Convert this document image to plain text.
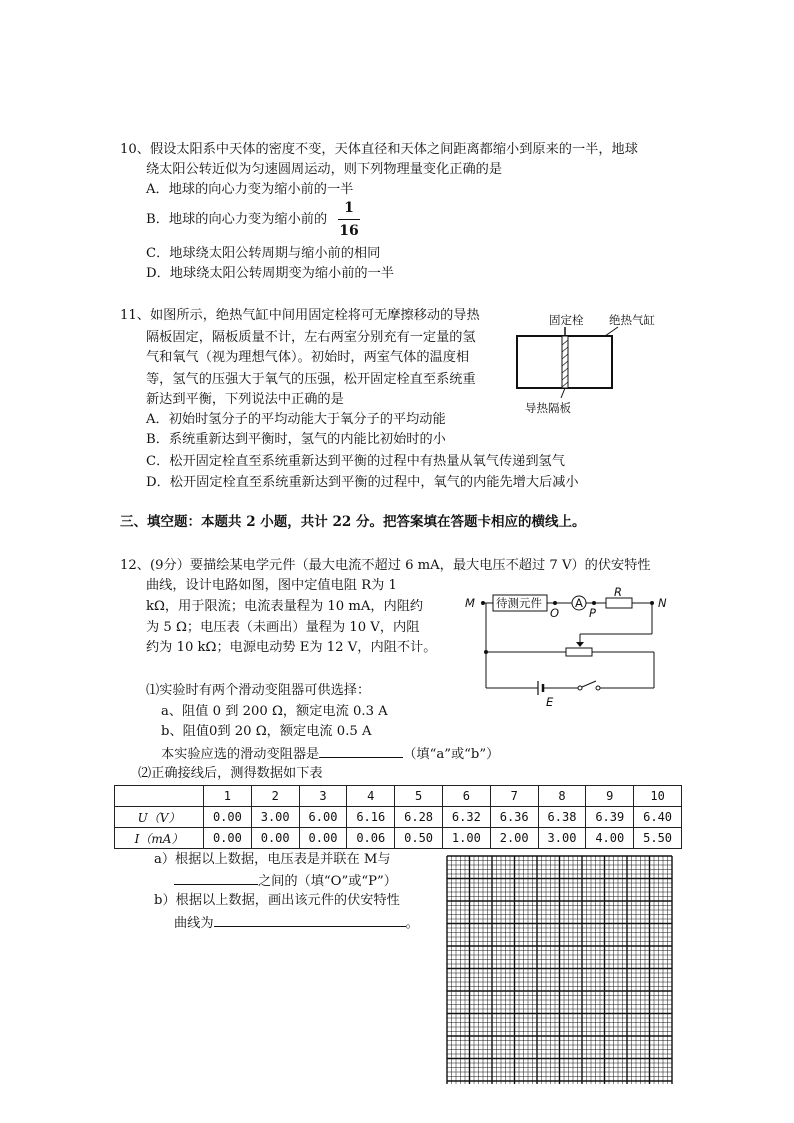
10、假设太阳系中天体的密度不变，天体直径和天体之间距离都缩小到原来的一半，地球
绕太阳公转近似为匀速圆周运动，则下列物理量变化正确的是
A．地球的向心力变为缩小前的一半
B．地球的向心力变为缩小前的
1
16
C．地球绕太阳公转周期与缩小前的相同
D．地球绕太阳公转周期变为缩小前的一半
11、如图所示，绝热气缸中间用固定栓将可无摩擦移动的导热
隔板固定，隔板质量不计，左右两室分别充有一定量的氢
气和氧气（视为理想气体）。初始时，两室气体的温度相
等，氢气的压强大于氧气的压强，松开固定栓直至系统重
新达到平衡，下列说法中正确的是
A．初始时氢分子的平均动能大于氧分子的平均动能
B．系统重新达到平衡时，氢气的内能比初始时的小
C．松开固定栓直至系统重新达到平衡的过程中有热量从氧气传递到氢气
D．松开固定栓直至系统重新达到平衡的过程中，氧气的内能先增大后减小
固定栓 绝热气缸
导热隔板
三、填空题：本题共 2 小题，共计 22 分。把答案填在答题卡相应的横线上。
12、(9分）要描绘某电学元件（最大电流不超过 6 mA，最大电压不超过 7 V）的伏安特性
曲线，设计电路如图，图中定值电阻 R为 1
kΩ，用于限流；电流表量程为 10 mA，内阻约
为 5 Ω；电压表（未画出）量程为 10 V，内阻
约为 10 kΩ；电源电动势 E为 12 V，内阻不计。
M 待测元件
O
A
P
R
N
E
⑴实验时有两个滑动变阻器可供选择：
a、阻值 0 到 200 Ω，额定电流 0.3 A
b、阻值0到 20 Ω，额定电流 0.5 A
本实验应选的滑动变阻器是	（填“a”或“b”）
⑵正确接线后，测得数据如下表
	1	2	3	4	5	6	7	8	9	10
U（V）	0.00	3.00	6.00	6.16	6.28	6.32	6.36	6.38	6.39	6.40
I（mA）	0.00	0.00	0.00	0.06	0.50	1.00	2.00	3.00	4.00	5.50
a）根据以上数据，电压表是并联在 M与
之间的（填“O”或“P”）
b）根据以上数据，画出该元件的伏安特性
曲线为	。
